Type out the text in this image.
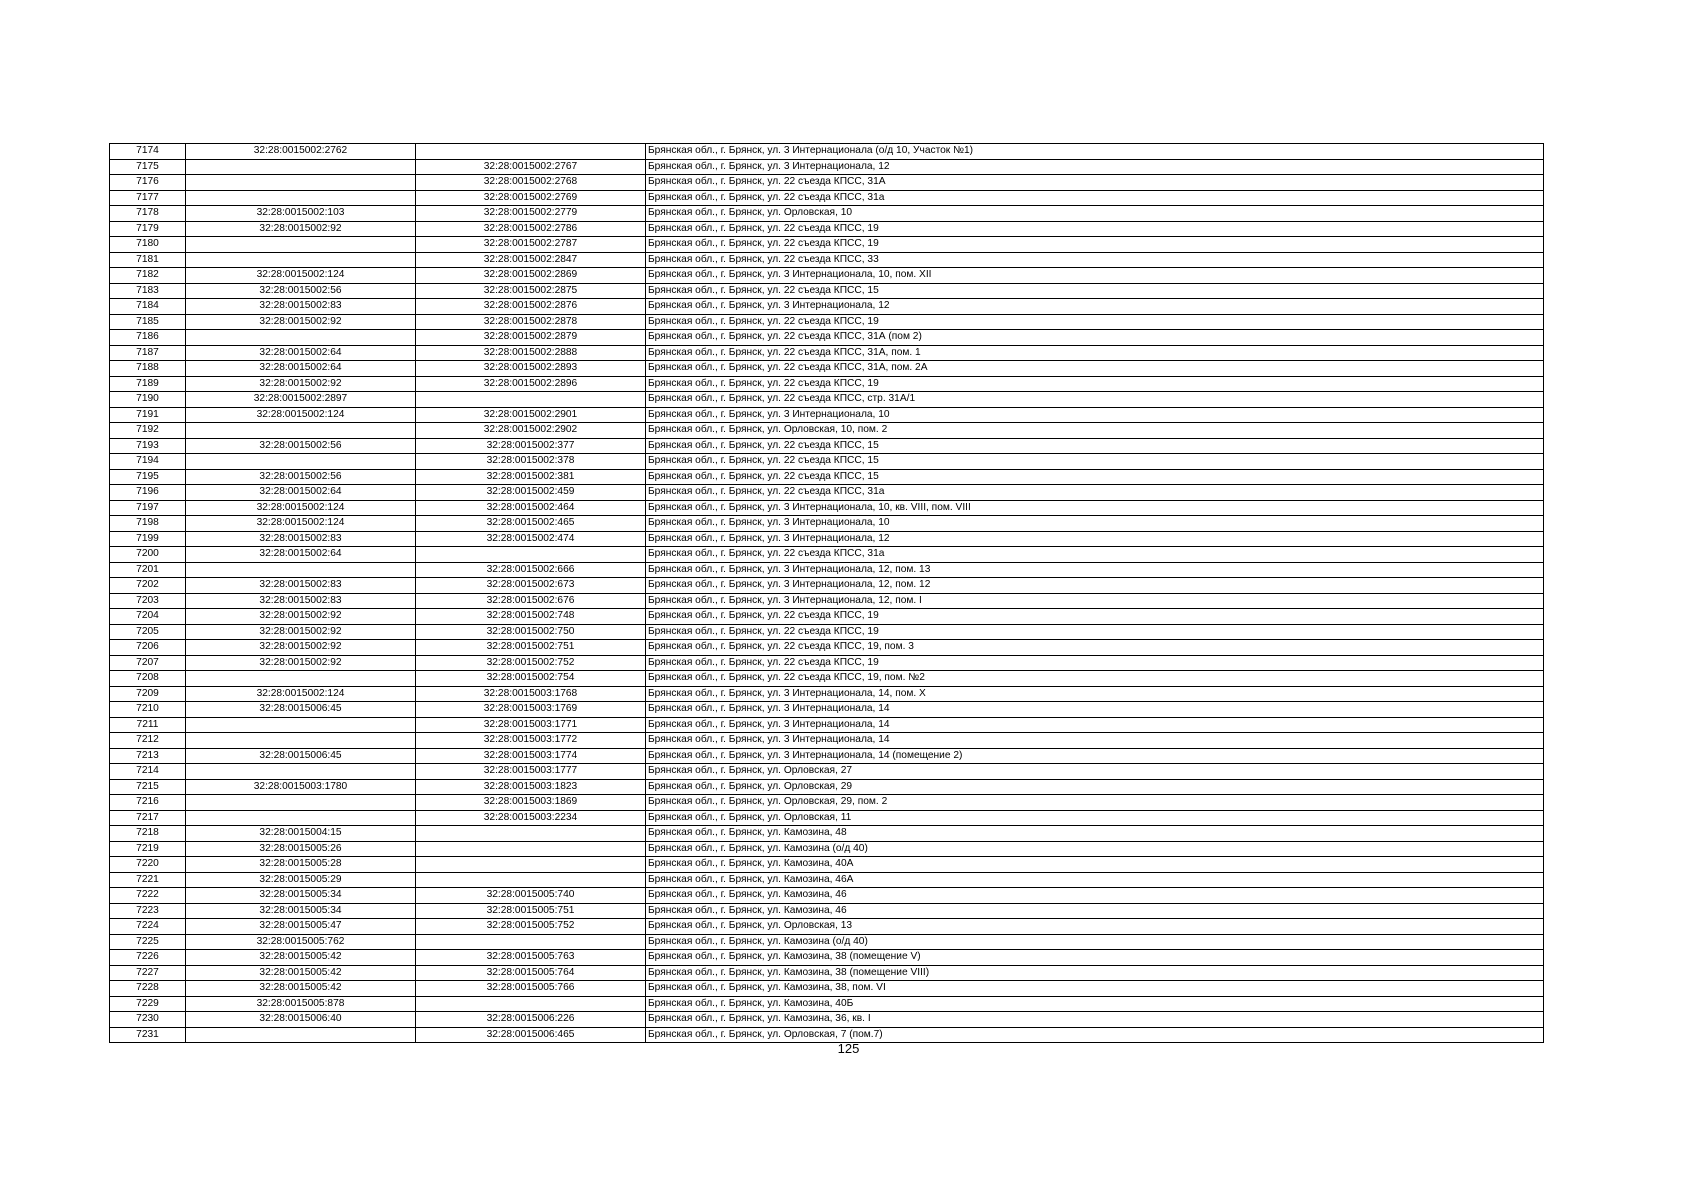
7174	32:28:0015002:2762		Брянская обл., г. Брянск, ул. 3 Интернационала (о/д 10, Участок №1)
7175		32:28:0015002:2767	Брянская обл., г. Брянск, ул. 3 Интернационала, 12
7176		32:28:0015002:2768	Брянская обл., г. Брянск, ул. 22 съезда КПСС, 31А
7177		32:28:0015002:2769	Брянская обл., г. Брянск, ул. 22 съезда КПСС, 31а
7178	32:28:0015002:103	32:28:0015002:2779	Брянская обл., г. Брянск, ул. Орловская, 10
7179	32:28:0015002:92	32:28:0015002:2786	Брянская обл., г. Брянск, ул. 22 съезда КПСС, 19
7180		32:28:0015002:2787	Брянская обл., г. Брянск, ул. 22 съезда КПСС, 19
7181		32:28:0015002:2847	Брянская обл., г. Брянск, ул. 22 съезда КПСС, 33
7182	32:28:0015002:124	32:28:0015002:2869	Брянская обл., г. Брянск, ул. 3 Интернационала, 10, пом. XII
7183	32:28:0015002:56	32:28:0015002:2875	Брянская обл., г. Брянск, ул. 22 съезда КПСС, 15
7184	32:28:0015002:83	32:28:0015002:2876	Брянская обл., г. Брянск, ул. 3 Интернационала, 12
7185	32:28:0015002:92	32:28:0015002:2878	Брянская обл., г. Брянск, ул. 22 съезда КПСС, 19
7186		32:28:0015002:2879	Брянская обл., г. Брянск, ул. 22 съезда КПСС, 31А (пом 2)
7187	32:28:0015002:64	32:28:0015002:2888	Брянская обл., г. Брянск, ул. 22 съезда КПСС, 31А, пом. 1
7188	32:28:0015002:64	32:28:0015002:2893	Брянская обл., г. Брянск, ул. 22 съезда КПСС, 31А, пом. 2А
7189	32:28:0015002:92	32:28:0015002:2896	Брянская обл., г. Брянск, ул. 22 съезда КПСС, 19
7190	32:28:0015002:2897		Брянская обл., г. Брянск, ул. 22 съезда КПСС, стр. 31А/1
7191	32:28:0015002:124	32:28:0015002:2901	Брянская обл., г. Брянск, ул. 3 Интернационала, 10
7192		32:28:0015002:2902	Брянская обл., г. Брянск, ул. Орловская, 10, пом. 2
7193	32:28:0015002:56	32:28:0015002:377	Брянская обл., г. Брянск, ул. 22 съезда КПСС, 15
7194		32:28:0015002:378	Брянская обл., г. Брянск, ул. 22 съезда КПСС, 15
7195	32:28:0015002:56	32:28:0015002:381	Брянская обл., г. Брянск, ул. 22 съезда КПСС, 15
7196	32:28:0015002:64	32:28:0015002:459	Брянская обл., г. Брянск, ул. 22 съезда КПСС, 31а
7197	32:28:0015002:124	32:28:0015002:464	Брянская обл., г. Брянск, ул. 3 Интернационала, 10, кв. VIII, пом. VIII
7198	32:28:0015002:124	32:28:0015002:465	Брянская обл., г. Брянск, ул. 3 Интернационала, 10
7199	32:28:0015002:83	32:28:0015002:474	Брянская обл., г. Брянск, ул. 3 Интернационала, 12
7200	32:28:0015002:64		Брянская обл., г. Брянск, ул. 22 съезда КПСС, 31а
7201		32:28:0015002:666	Брянская обл., г. Брянск, ул. 3 Интернационала, 12, пом. 13
7202	32:28:0015002:83	32:28:0015002:673	Брянская обл., г. Брянск, ул. 3 Интернационала, 12, пом. 12
7203	32:28:0015002:83	32:28:0015002:676	Брянская обл., г. Брянск, ул. 3 Интернационала, 12, пом. I
7204	32:28:0015002:92	32:28:0015002:748	Брянская обл., г. Брянск, ул. 22 съезда КПСС, 19
7205	32:28:0015002:92	32:28:0015002:750	Брянская обл., г. Брянск, ул. 22 съезда КПСС, 19
7206	32:28:0015002:92	32:28:0015002:751	Брянская обл., г. Брянск, ул. 22 съезда КПСС, 19, пом. 3
7207	32:28:0015002:92	32:28:0015002:752	Брянская обл., г. Брянск, ул. 22 съезда КПСС, 19
7208		32:28:0015002:754	Брянская обл., г. Брянск, ул. 22 съезда КПСС, 19, пом. №2
7209	32:28:0015002:124	32:28:0015003:1768	Брянская обл., г. Брянск, ул. 3 Интернационала, 14, пом. X
7210	32:28:0015006:45	32:28:0015003:1769	Брянская обл., г. Брянск, ул. 3 Интернационала, 14
7211		32:28:0015003:1771	Брянская обл., г. Брянск, ул. 3 Интернационала, 14
7212		32:28:0015003:1772	Брянская обл., г. Брянск, ул. 3 Интернационала, 14
7213	32:28:0015006:45	32:28:0015003:1774	Брянская обл., г. Брянск, ул. 3 Интернационала, 14 (помещение 2)
7214		32:28:0015003:1777	Брянская обл., г. Брянск, ул. Орловская, 27
7215	32:28:0015003:1780	32:28:0015003:1823	Брянская обл., г. Брянск, ул. Орловская, 29
7216		32:28:0015003:1869	Брянская обл., г. Брянск, ул. Орловская, 29, пом. 2
7217		32:28:0015003:2234	Брянская обл., г. Брянск, ул. Орловская, 11
7218	32:28:0015004:15		Брянская обл., г. Брянск, ул. Камозина, 48
7219	32:28:0015005:26		Брянская обл., г. Брянск, ул. Камозина (о/д 40)
7220	32:28:0015005:28		Брянская обл., г. Брянск, ул. Камозина, 40А
7221	32:28:0015005:29		Брянская обл., г. Брянск, ул. Камозина, 46А
7222	32:28:0015005:34	32:28:0015005:740	Брянская обл., г. Брянск, ул. Камозина, 46
7223	32:28:0015005:34	32:28:0015005:751	Брянская обл., г. Брянск, ул. Камозина, 46
7224	32:28:0015005:47	32:28:0015005:752	Брянская обл., г. Брянск, ул. Орловская, 13
7225	32:28:0015005:762		Брянская обл., г. Брянск, ул. Камозина (о/д 40)
7226	32:28:0015005:42	32:28:0015005:763	Брянская обл., г. Брянск, ул. Камозина, 38 (помещение V)
7227	32:28:0015005:42	32:28:0015005:764	Брянская обл., г. Брянск, ул. Камозина, 38 (помещение VIII)
7228	32:28:0015005:42	32:28:0015005:766	Брянская обл., г. Брянск, ул. Камозина, 38, пом. VI
7229	32:28:0015005:878		Брянская обл., г. Брянск, ул. Камозина, 40Б
7230	32:28:0015006:40	32:28:0015006:226	Брянская обл., г. Брянск, ул. Камозина, 36, кв. I
7231		32:28:0015006:465	Брянская обл., г. Брянск, ул. Орловская, 7 (пом.7)
125
